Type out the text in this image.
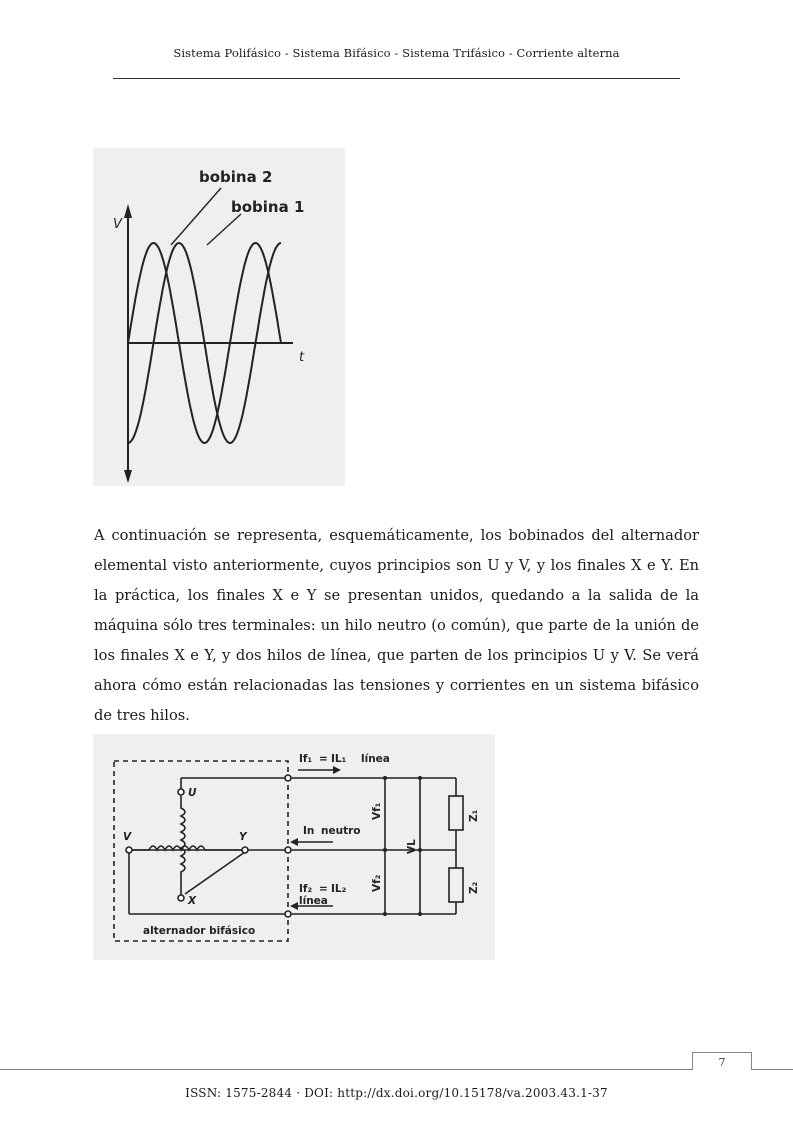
Sistema Polifásico - Sistema Bifásico - Sistema Trifásico - Corriente alterna
V
t
bobina 2
bobina 1

A continuación se representa, esquemáticamente, los bobinados del alternador elemental visto anteriormente, cuyos principios son U y V, y los finales X e Y. En la práctica, los finales X e Y se presentan unidos, quedando a la salida de la máquina sólo tres terminales: un hilo neutro (o común), que parte de la unión de los finales X e Y, y dos hilos de línea, que parten de los principios U y V. Se verá ahora cómo están relacionadas las tensiones y corrientes en un sistema bifásico de tres hilos.

If₁ = IL₁ línea
In neutro
If₂ = IL₂
línea
U
V
X
Y
Vf₁
VL
Vf₂
Z₁
Z₂
alternador bifásico
7
ISSN: 1575-2844 · DOI: http://dx.doi.org/10.15178/va.2003.43.1-37
